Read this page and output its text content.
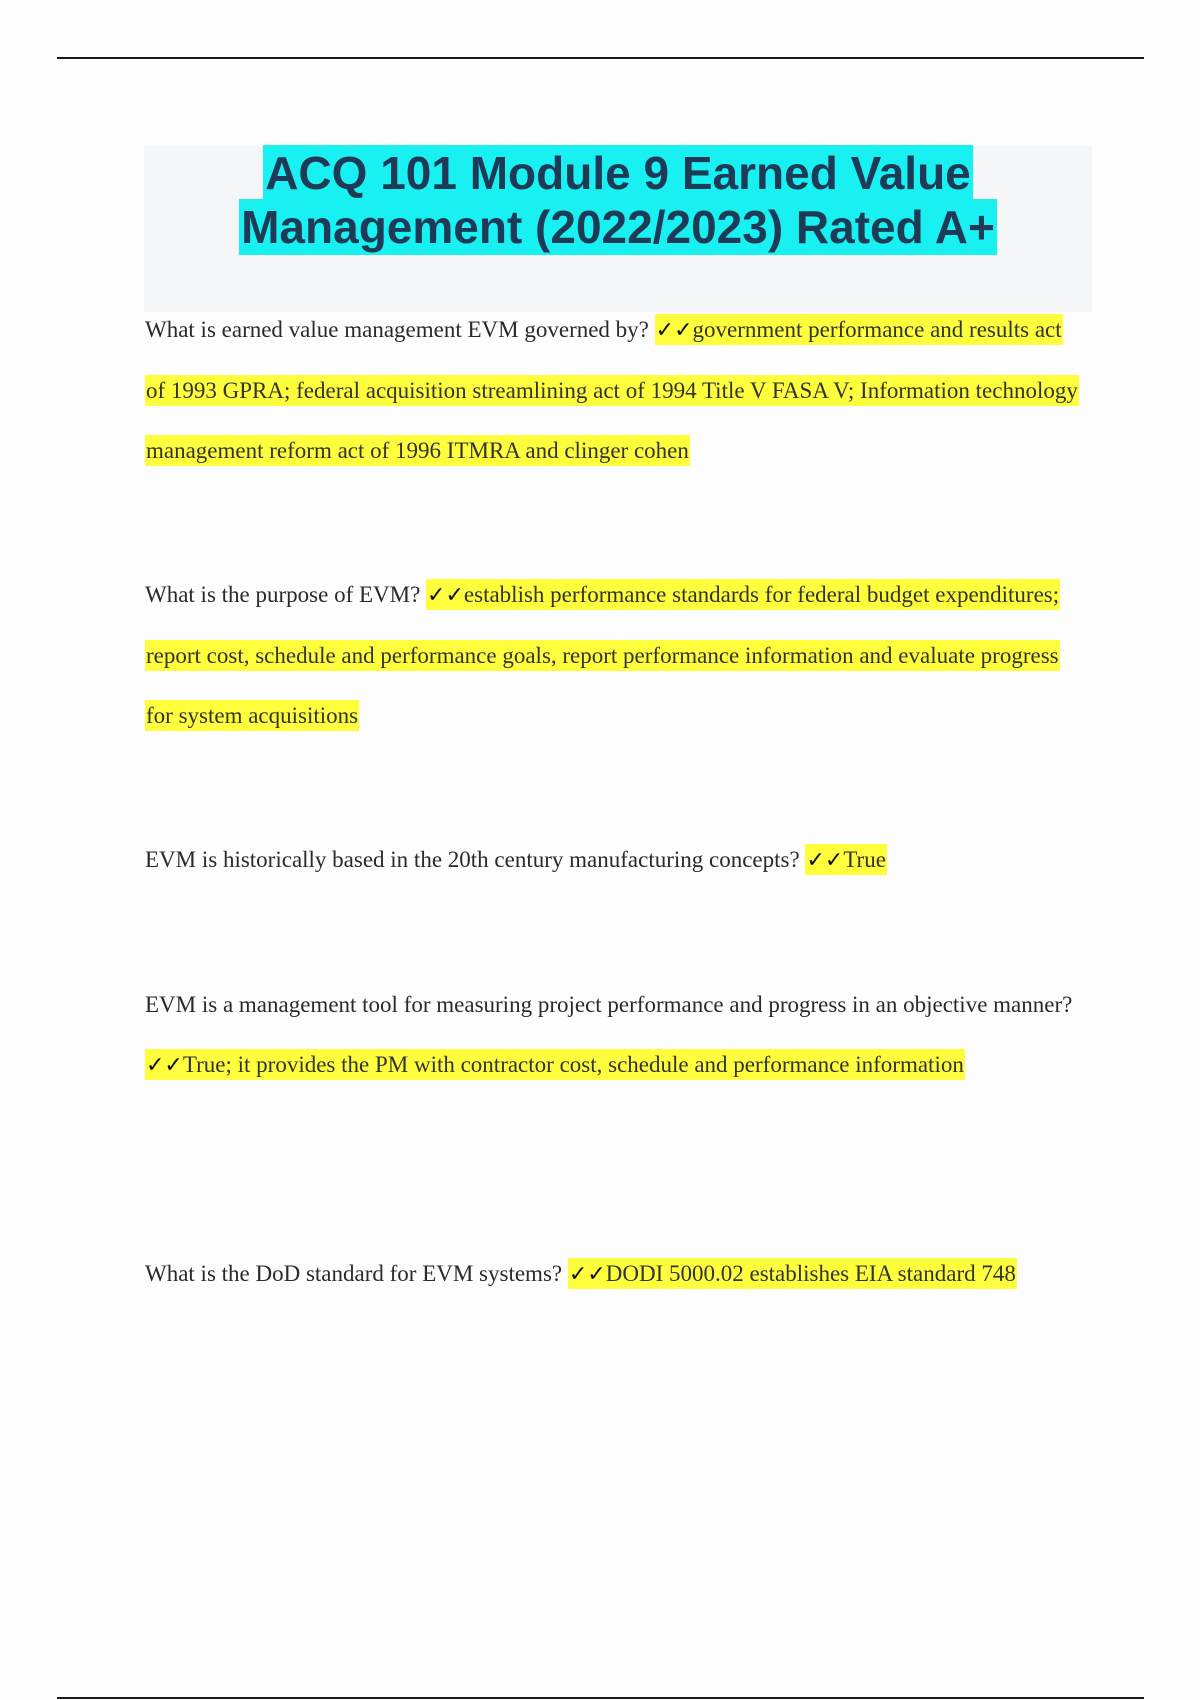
ACQ 101 Module 9 Earned Value Management (2022/2023) Rated A+

What is earned value management EVM governed by? ✓✓government performance and results act of 1993 GPRA; federal acquisition streamlining act of 1994 Title V FASA V; Information technology management reform act of 1996 ITMRA and clinger cohen

What is the purpose of EVM? ✓✓establish performance standards for federal budget expenditures; report cost, schedule and performance goals, report performance information and evaluate progress for system acquisitions

EVM is historically based in the 20th century manufacturing concepts? ✓✓True

EVM is a management tool for measuring project performance and progress in an objective manner? ✓✓True; it provides the PM with contractor cost, schedule and performance information

What is the DoD standard for EVM systems? ✓✓DODI 5000.02 establishes EIA standard 748
